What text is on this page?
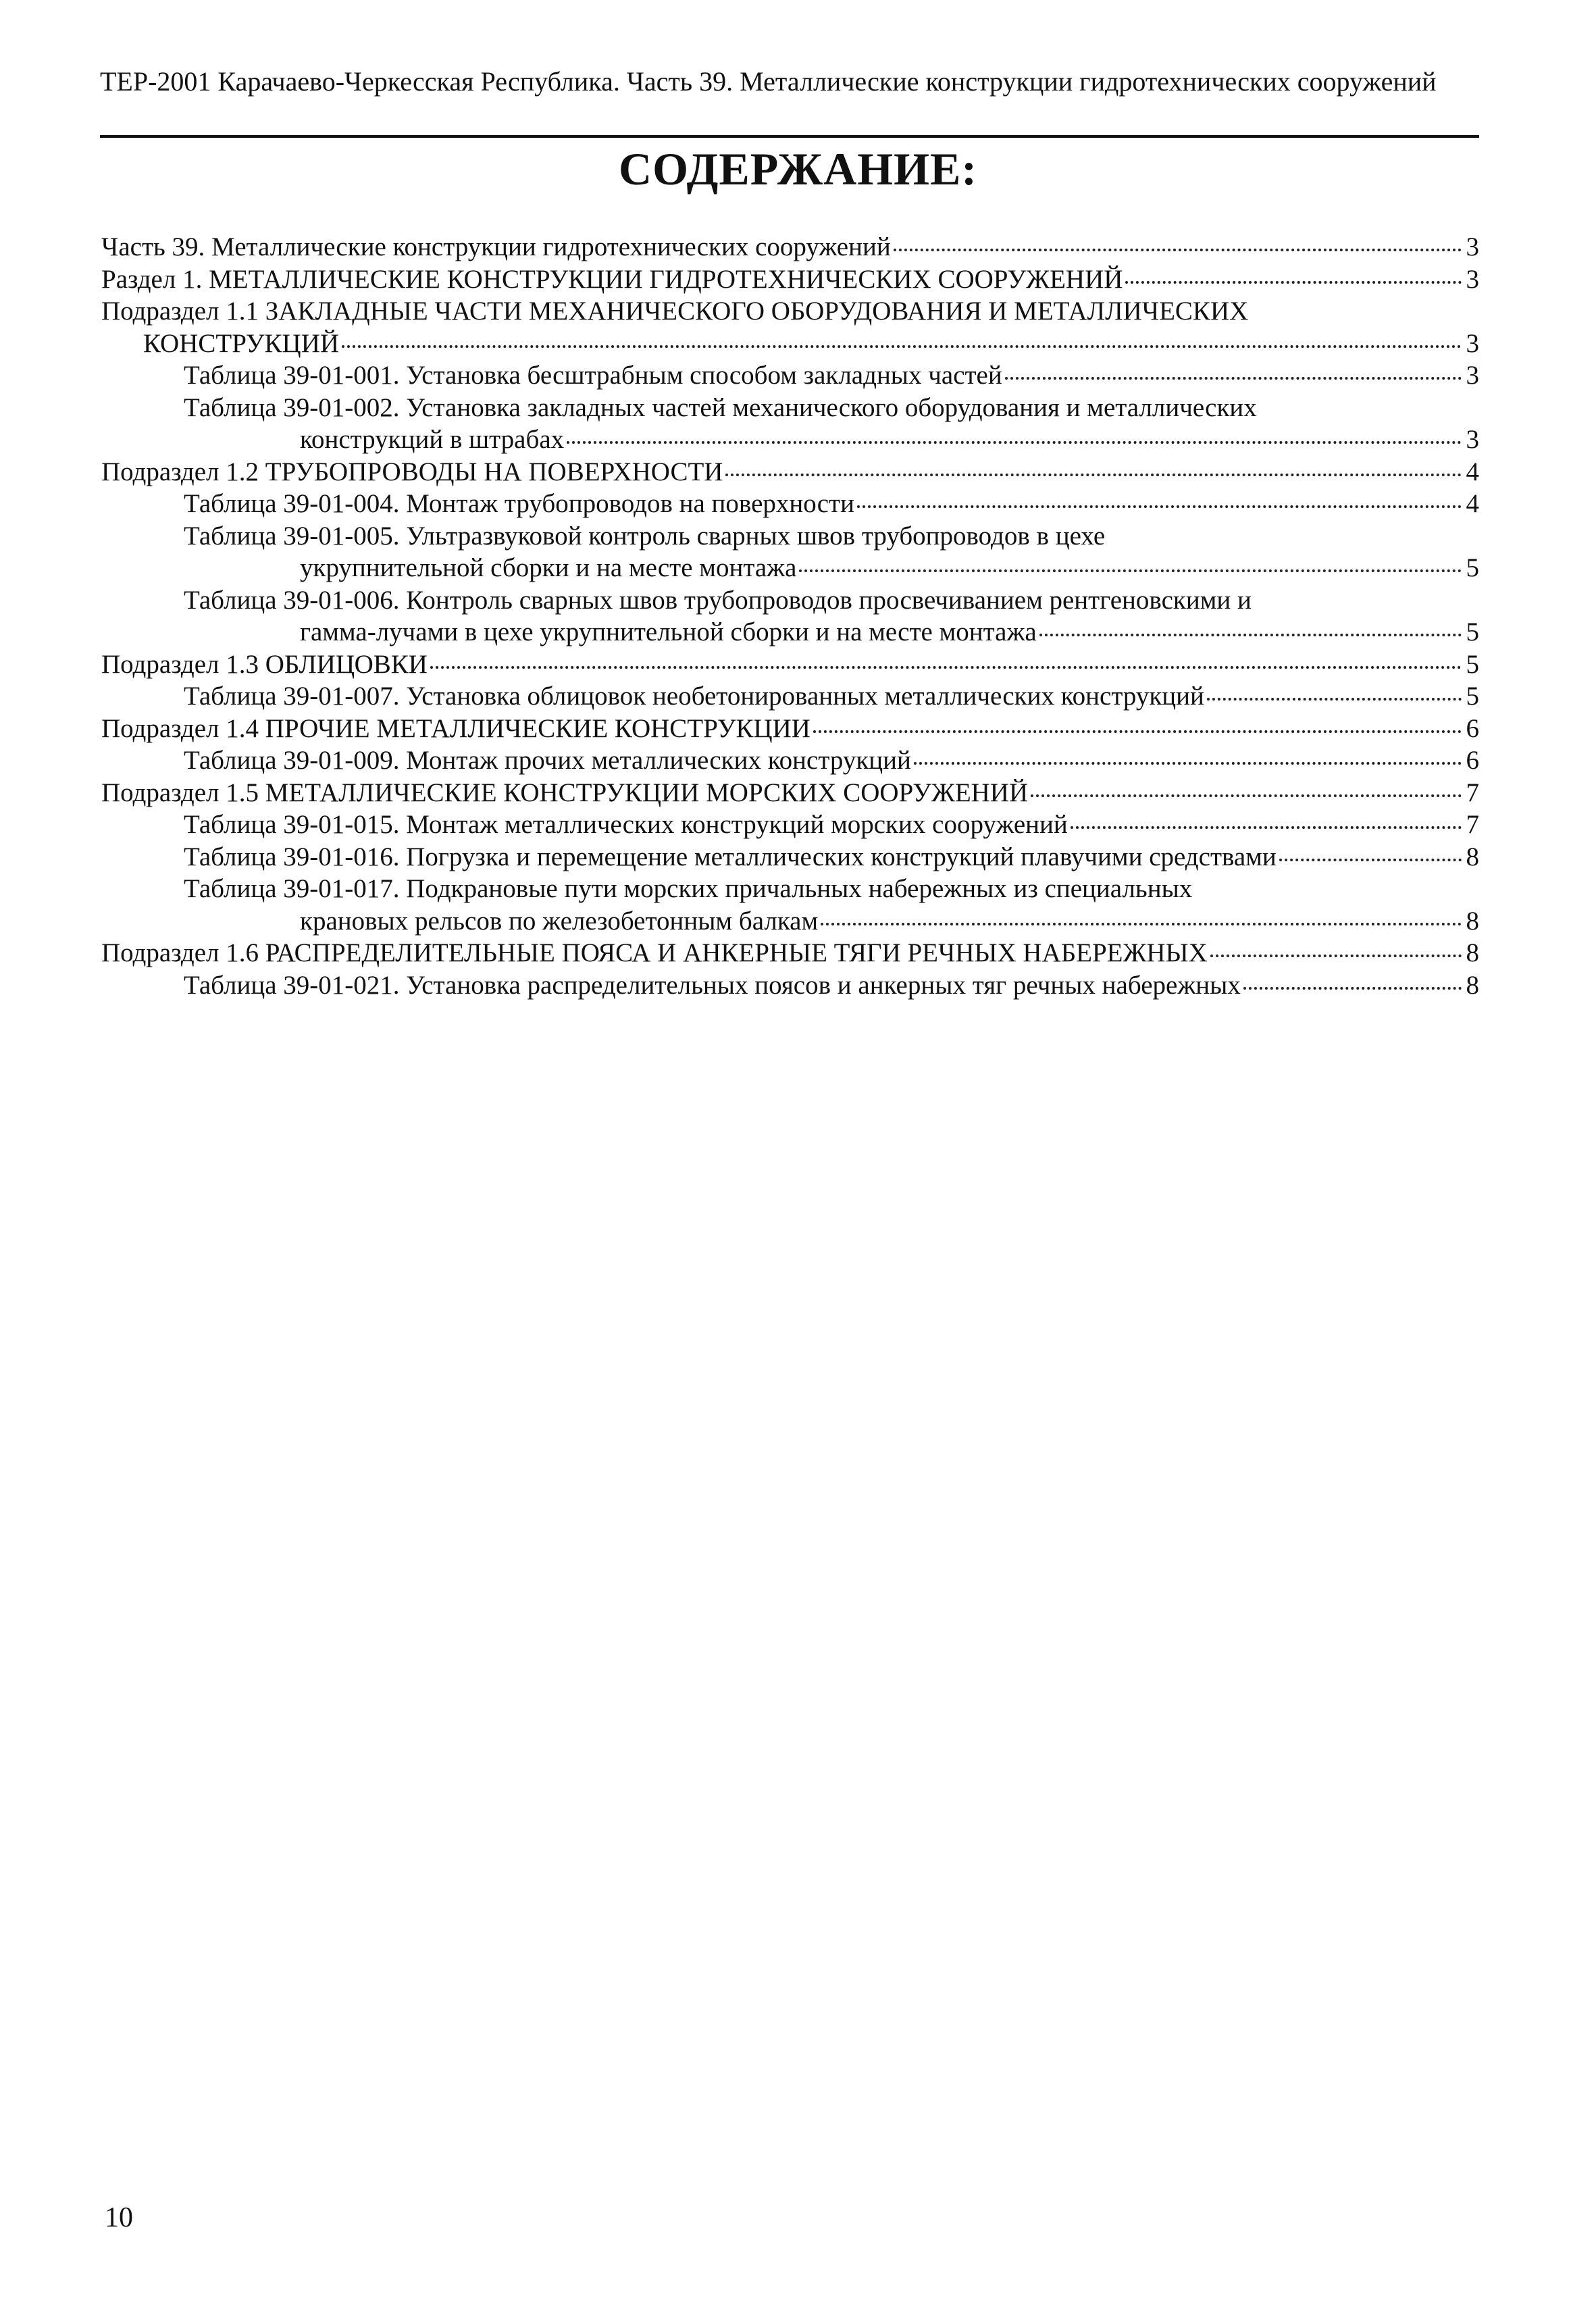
ТЕР-2001 Карачаево-Черкесская Республика. Часть 39. Металлические конструкции гидротехнических сооружений

СОДЕРЖАНИЕ:
Часть 39. Металлические конструкции гидротехнических сооружений	3
Раздел 1. МЕТАЛЛИЧЕСКИЕ КОНСТРУКЦИИ ГИДРОТЕХНИЧЕСКИХ СООРУЖЕНИЙ	3
Подраздел 1.1 ЗАКЛАДНЫЕ ЧАСТИ МЕХАНИЧЕСКОГО ОБОРУДОВАНИЯ И МЕТАЛЛИЧЕСКИХ
КОНСТРУКЦИЙ	3
Таблица 39-01-001. Установка бесштрабным способом закладных частей	3
Таблица 39-01-002. Установка закладных частей механического оборудования и металлических
конструкций в штрабах	3
Подраздел 1.2 ТРУБОПРОВОДЫ НА ПОВЕРХНОСТИ	4
Таблица 39-01-004. Монтаж трубопроводов на поверхности	4
Таблица 39-01-005. Ультразвуковой контроль сварных швов трубопроводов в цехе
укрупнительной сборки и на месте монтажа	5
Таблица 39-01-006. Контроль сварных швов трубопроводов просвечиванием рентгеновскими и
гамма-лучами в цехе укрупнительной сборки и на месте монтажа	5
Подраздел 1.3 ОБЛИЦОВКИ	5
Таблица 39-01-007. Установка облицовок необетонированных металлических конструкций	5
Подраздел 1.4 ПРОЧИЕ МЕТАЛЛИЧЕСКИЕ КОНСТРУКЦИИ	6
Таблица 39-01-009. Монтаж прочих металлических конструкций	6
Подраздел 1.5 МЕТАЛЛИЧЕСКИЕ КОНСТРУКЦИИ МОРСКИХ СООРУЖЕНИЙ	7
Таблица 39-01-015. Монтаж металлических конструкций морских сооружений	7
Таблица 39-01-016. Погрузка и перемещение металлических конструкций плавучими средствами	8
Таблица 39-01-017. Подкрановые пути морских причальных набережных из специальных
крановых рельсов по железобетонным балкам	8
Подраздел 1.6 РАСПРЕДЕЛИТЕЛЬНЫЕ ПОЯСА И АНКЕРНЫЕ ТЯГИ РЕЧНЫХ НАБЕРЕЖНЫХ	8
Таблица 39-01-021. Установка распределительных поясов и анкерных тяг речных набережных	8
10
